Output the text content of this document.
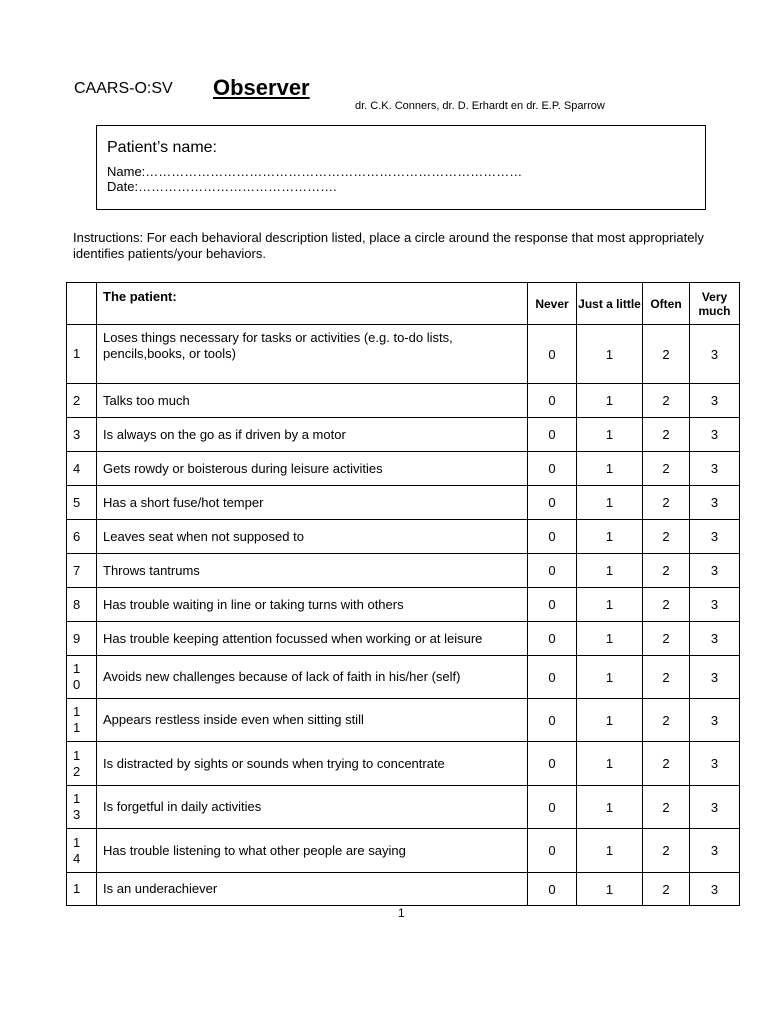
CAARS-O:SV Observer
dr. C.K. Conners, dr. D. Erhardt en dr. E.P. Sparrow
Patient’s name:
Name:……………………………………………………………………………
Date:……………………………………….
Instructions: For each behavioral description listed, place a circle around the response that most appropriately identifies patients/your behaviors.
	The patient:	Never	Just a little	Often	Very much
1	Loses things necessary for tasks or activities (e.g. to-do lists, pencils,books, or tools)	0	1	2	3
2	Talks too much	0	1	2	3
3	Is always on the go as if driven by a motor	0	1	2	3
4	Gets rowdy or boisterous during leisure activities	0	1	2	3
5	Has a short fuse/hot temper	0	1	2	3
6	Leaves seat when not supposed to	0	1	2	3
7	Throws tantrums	0	1	2	3
8	Has trouble waiting in line or taking turns with others	0	1	2	3
9	Has trouble keeping attention focussed when working or at leisure	0	1	2	3
10	Avoids new challenges because of lack of faith in his/her (self)	0	1	2	3
11	Appears restless inside even when sitting still	0	1	2	3
12	Is distracted by sights or sounds when trying to concentrate	0	1	2	3
13	Is forgetful in daily activities	0	1	2	3
14	Has trouble listening to what other people are saying	0	1	2	3
1	Is an underachiever	0	1	2	3
1
